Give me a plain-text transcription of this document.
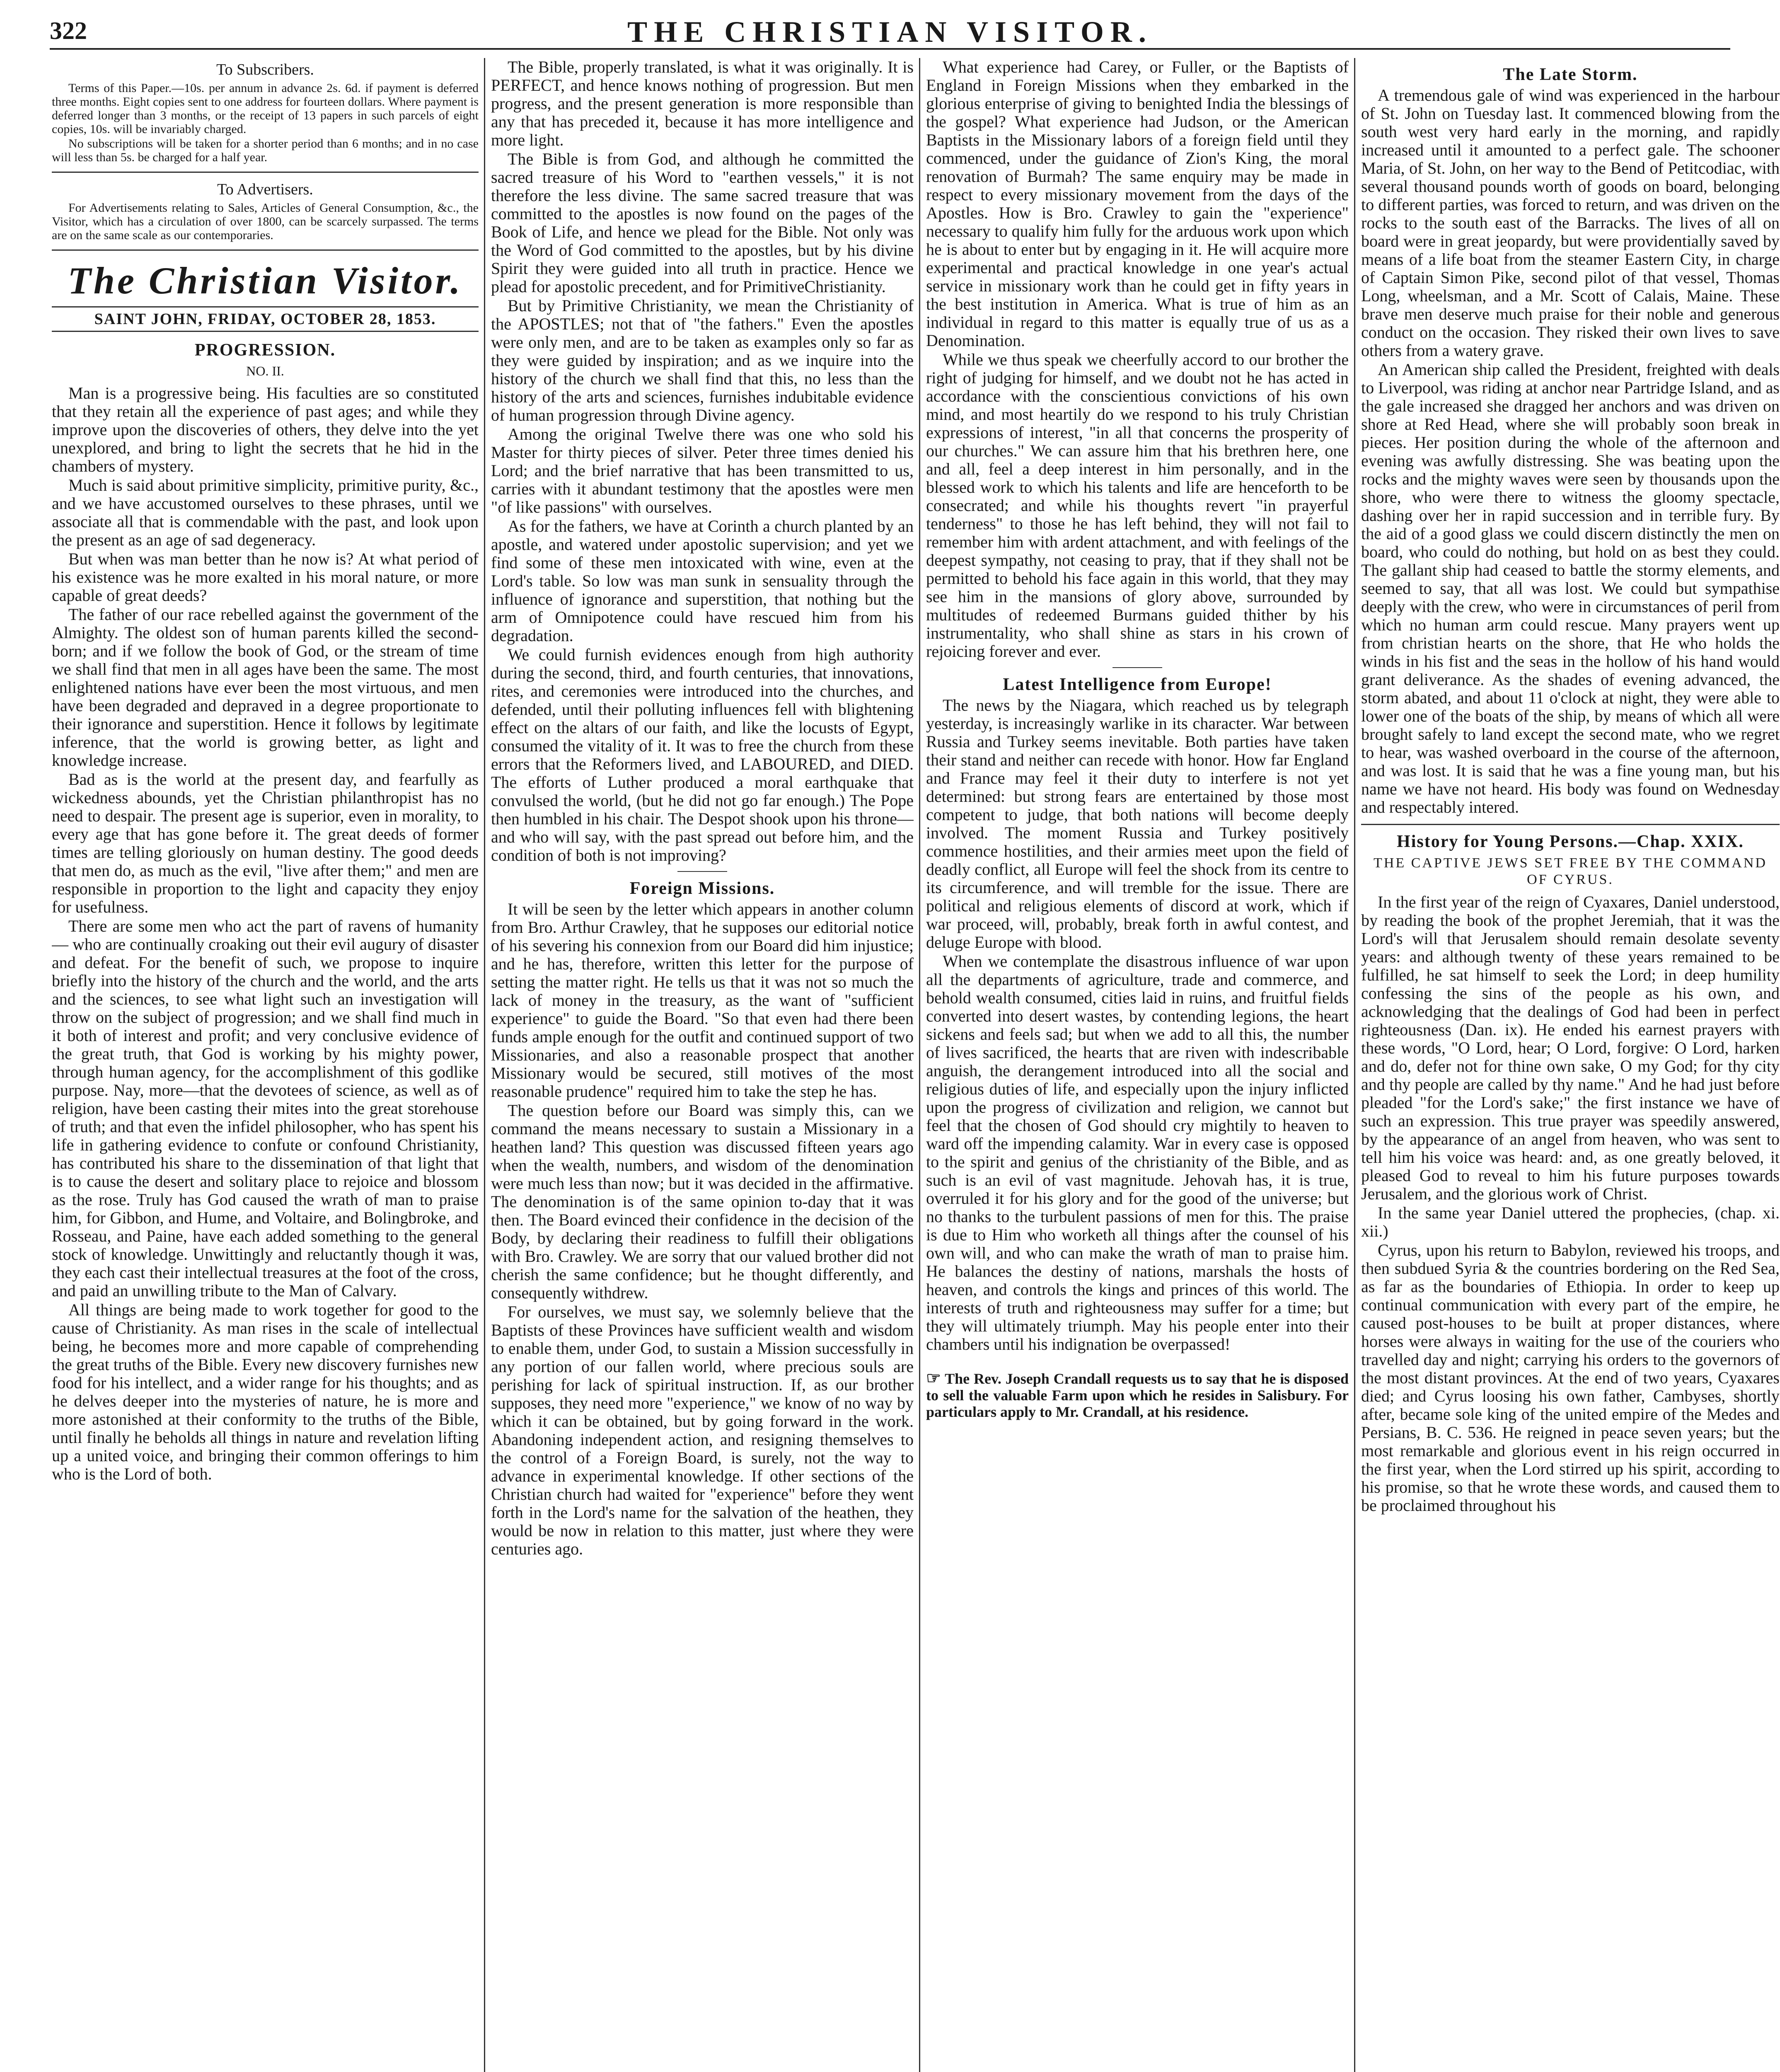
322	THE CHRISTIAN VISITOR.
To Subscribers.

Terms of this Paper.—10s. per annum in advance 2s. 6d. if payment is deferred three months. Eight copies sent to one address for fourteen dollars. Where payment is deferred longer than 3 months, or the receipt of 13 papers in such parcels of eight copies, 10s. will be invariably charged.

No subscriptions will be taken for a shorter period than 6 months; and in no case will less than 5s. be charged for a half year.

To Advertisers.

For Advertisements relating to Sales, Articles of General Consumption, &c., the Visitor, which has a circulation of over 1800, can be scarcely surpassed. The terms are on the same scale as our contemporaries.

The Christian Visitor.
SAINT JOHN, FRIDAY, OCTOBER 28, 1853.
PROGRESSION.
NO. II.

Man is a progressive being. His faculties are so constituted that they retain all the experience of past ages; and while they improve upon the discoveries of others, they delve into the yet unexplored, and bring to light the secrets that he hid in the chambers of mystery.

Much is said about primitive simplicity, primitive purity, &c., and we have accustomed ourselves to these phrases, until we associate all that is commendable with the past, and look upon the present as an age of sad degeneracy.

But when was man better than he now is? At what period of his existence was he more exalted in his moral nature, or more capable of great deeds?

The father of our race rebelled against the government of the Almighty. The oldest son of human parents killed the second-born; and if we follow the book of God, or the stream of time we shall find that men in all ages have been the same. The most enlightened nations have ever been the most virtuous, and men have been degraded and depraved in a degree proportionate to their ignorance and superstition. Hence it follows by legitimate inference, that the world is growing better, as light and knowledge increase.

Bad as is the world at the present day, and fearfully as wickedness abounds, yet the Christian philanthropist has no need to despair. The present age is superior, even in morality, to every age that has gone before it. The great deeds of former times are telling gloriously on human destiny. The good deeds that men do, as much as the evil, "live after them;" and men are responsible in proportion to the light and capacity they enjoy for usefulness.

There are some men who act the part of ravens of humanity — who are continually croaking out their evil augury of disaster and defeat. For the benefit of such, we propose to inquire briefly into the history of the church and the world, and the arts and the sciences, to see what light such an investigation will throw on the subject of progression; and we shall find much in it both of interest and profit; and very conclusive evidence of the great truth, that God is working by his mighty power, through human agency, for the accomplishment of this godlike purpose. Nay, more—that the devotees of science, as well as of religion, have been casting their mites into the great storehouse of truth; and that even the infidel philosopher, who has spent his life in gathering evidence to confute or confound Christianity, has contributed his share to the dissemination of that light that is to cause the desert and solitary place to rejoice and blossom as the rose. Truly has God caused the wrath of man to praise him, for Gibbon, and Hume, and Voltaire, and Bolingbroke, and Rosseau, and Paine, have each added something to the general stock of knowledge. Unwittingly and reluctantly though it was, they each cast their intellectual treasures at the foot of the cross, and paid an unwilling tribute to the Man of Calvary.

All things are being made to work together for good to the cause of Christianity. As man rises in the scale of intellectual being, he becomes more and more capable of comprehending the great truths of the Bible. Every new discovery furnishes new food for his intellect, and a wider range for his thoughts; and as he delves deeper into the mysteries of nature, he is more and more astonished at their conformity to the truths of the Bible, until finally he beholds all things in nature and revelation lifting up a united voice, and bringing their common offerings to him who is the Lord of both.

The Bible, properly translated, is what it was originally. It is PERFECT, and hence knows nothing of progression. But men progress, and the present generation is more responsible than any that has preceded it, because it has more intelligence and more light.

The Bible is from God, and although he committed the sacred treasure of his Word to "earthen vessels," it is not therefore the less divine. The same sacred treasure that was committed to the apostles is now found on the pages of the Book of Life, and hence we plead for the Bible. Not only was the Word of God committed to the apostles, but by his divine Spirit they were guided into all truth in practice. Hence we plead for apostolic precedent, and for PrimitiveChristianity.

But by Primitive Christianity, we mean the Christianity of the APOSTLES; not that of "the fathers." Even the apostles were only men, and are to be taken as examples only so far as they were guided by inspiration; and as we inquire into the history of the church we shall find that this, no less than the history of the arts and sciences, furnishes indubitable evidence of human progression through Divine agency.

Among the original Twelve there was one who sold his Master for thirty pieces of silver. Peter three times denied his Lord; and the brief narrative that has been transmitted to us, carries with it abundant testimony that the apostles were men "of like passions" with ourselves.

As for the fathers, we have at Corinth a church planted by an apostle, and watered under apostolic supervision; and yet we find some of these men intoxicated with wine, even at the Lord's table. So low was man sunk in sensuality through the influence of ignorance and superstition, that nothing but the arm of Omnipotence could have rescued him from his degradation.

We could furnish evidences enough from high authority during the second, third, and fourth centuries, that innovations, rites, and ceremonies were introduced into the churches, and defended, until their polluting influences fell with blightening effect on the altars of our faith, and like the locusts of Egypt, consumed the vitality of it. It was to free the church from these errors that the Reformers lived, and LABOURED, and DIED. The efforts of Luther produced a moral earthquake that convulsed the world, (but he did not go far enough.) The Pope then humbled in his chair. The Despot shook upon his throne—and who will say, with the past spread out before him, and the condition of both is not improving?

Foreign Missions.

It will be seen by the letter which appears in another column from Bro. Arthur Crawley, that he supposes our editorial notice of his severing his connexion from our Board did him injustice; and he has, therefore, written this letter for the purpose of setting the matter right. He tells us that it was not so much the lack of money in the treasury, as the want of "sufficient experience" to guide the Board. "So that even had there been funds ample enough for the outfit and continued support of two Missionaries, and also a reasonable prospect that another Missionary would be secured, still motives of the most reasonable prudence" required him to take the step he has.

The question before our Board was simply this, can we command the means necessary to sustain a Missionary in a heathen land? This question was discussed fifteen years ago when the wealth, numbers, and wisdom of the denomination were much less than now; but it was decided in the affirmative. The denomination is of the same opinion to-day that it was then. The Board evinced their confidence in the decision of the Body, by declaring their readiness to fulfill their obligations with Bro. Crawley. We are sorry that our valued brother did not cherish the same confidence; but he thought differently, and consequently withdrew.

For ourselves, we must say, we solemnly believe that the Baptists of these Provinces have sufficient wealth and wisdom to enable them, under God, to sustain a Mission successfully in any portion of our fallen world, where precious souls are perishing for lack of spiritual instruction. If, as our brother supposes, they need more "experience," we know of no way by which it can be obtained, but by going forward in the work. Abandoning independent action, and resigning themselves to the control of a Foreign Board, is surely, not the way to advance in experimental knowledge. If other sections of the Christian church had waited for "experience" before they went forth in the Lord's name for the salvation of the heathen, they would be now in relation to this matter, just where they were centuries ago.

What experience had Carey, or Fuller, or the Baptists of England in Foreign Missions when they embarked in the glorious enterprise of giving to benighted India the blessings of the gospel? What experience had Judson, or the American Baptists in the Missionary labors of a foreign field until they commenced, under the guidance of Zion's King, the moral renovation of Burmah? The same enquiry may be made in respect to every missionary movement from the days of the Apostles. How is Bro. Crawley to gain the "experience" necessary to qualify him fully for the arduous work upon which he is about to enter but by engaging in it. He will acquire more experimental and practical knowledge in one year's actual service in missionary work than he could get in fifty years in the best institution in America. What is true of him as an individual in regard to this matter is equally true of us as a Denomination.

While we thus speak we cheerfully accord to our brother the right of judging for himself, and we doubt not he has acted in accordance with the conscientious convictions of his own mind, and most heartily do we respond to his truly Christian expressions of interest, "in all that concerns the prosperity of our churches." We can assure him that his brethren here, one and all, feel a deep interest in him personally, and in the blessed work to which his talents and life are henceforth to be consecrated; and while his thoughts revert "in prayerful tenderness" to those he has left behind, they will not fail to remember him with ardent attachment, and with feelings of the deepest sympathy, not ceasing to pray, that if they shall not be permitted to behold his face again in this world, that they may see him in the mansions of glory above, surrounded by multitudes of redeemed Burmans guided thither by his instrumentality, who shall shine as stars in his crown of rejoicing forever and ever.

Latest Intelligence from Europe!

The news by the Niagara, which reached us by telegraph yesterday, is increasingly warlike in its character. War between Russia and Turkey seems inevitable. Both parties have taken their stand and neither can recede with honor. How far England and France may feel it their duty to interfere is not yet determined: but strong fears are entertained by those most competent to judge, that both nations will become deeply involved. The moment Russia and Turkey positively commence hostilities, and their armies meet upon the field of deadly conflict, all Europe will feel the shock from its centre to its circumference, and will tremble for the issue. There are political and religious elements of discord at work, which if war proceed, will, probably, break forth in awful contest, and deluge Europe with blood.

When we contemplate the disastrous influence of war upon all the departments of agriculture, trade and commerce, and behold wealth consumed, cities laid in ruins, and fruitful fields converted into desert wastes, by contending legions, the heart sickens and feels sad; but when we add to all this, the number of lives sacrificed, the hearts that are riven with indescribable anguish, the derangement introduced into all the social and religious duties of life, and especially upon the injury inflicted upon the progress of civilization and religion, we cannot but feel that the chosen of God should cry mightily to heaven to ward off the impending calamity. War in every case is opposed to the spirit and genius of the christianity of the Bible, and as such is an evil of vast magnitude. Jehovah has, it is true, overruled it for his glory and for the good of the universe; but no thanks to the turbulent passions of men for this. The praise is due to Him who worketh all things after the counsel of his own will, and who can make the wrath of man to praise him. He balances the destiny of nations, marshals the hosts of heaven, and controls the kings and princes of this world. The interests of truth and righteousness may suffer for a time; but they will ultimately triumph. May his people enter into their chambers until his indignation be overpassed!

☞ The Rev. Joseph Crandall requests us to say that he is disposed to sell the valuable Farm upon which he resides in Salisbury. For particulars apply to Mr. Crandall, at his residence.
The Late Storm.

A tremendous gale of wind was experienced in the harbour of St. John on Tuesday last. It commenced blowing from the south west very hard early in the morning, and rapidly increased until it amounted to a perfect gale. The schooner Maria, of St. John, on her way to the Bend of Petitcodiac, with several thousand pounds worth of goods on board, belonging to different parties, was forced to return, and was driven on the rocks to the south east of the Barracks. The lives of all on board were in great jeopardy, but were providentially saved by means of a life boat from the steamer Eastern City, in charge of Captain Simon Pike, second pilot of that vessel, Thomas Long, wheelsman, and a Mr. Scott of Calais, Maine. These brave men deserve much praise for their noble and generous conduct on the occasion. They risked their own lives to save others from a watery grave.

An American ship called the President, freighted with deals to Liverpool, was riding at anchor near Partridge Island, and as the gale increased she dragged her anchors and was driven on shore at Red Head, where she will probably soon break in pieces. Her position during the whole of the afternoon and evening was awfully distressing. She was beating upon the rocks and the mighty waves were seen by thousands upon the shore, who were there to witness the gloomy spectacle, dashing over her in rapid succession and in terrible fury. By the aid of a good glass we could discern distinctly the men on board, who could do nothing, but hold on as best they could. The gallant ship had ceased to battle the stormy elements, and seemed to say, that all was lost. We could but sympathise deeply with the crew, who were in circumstances of peril from which no human arm could rescue. Many prayers went up from christian hearts on the shore, that He who holds the winds in his fist and the seas in the hollow of his hand would grant deliverance. As the shades of evening advanced, the storm abated, and about 11 o'clock at night, they were able to lower one of the boats of the ship, by means of which all were brought safely to land except the second mate, who we regret to hear, was washed overboard in the course of the afternoon, and was lost. It is said that he was a fine young man, but his name we have not heard. His body was found on Wednesday and respectably intered.

History for Young Persons.—Chap. XXIX.
THE CAPTIVE JEWS SET FREE BY THE COMMAND OF CYRUS.

In the first year of the reign of Cyaxares, Daniel understood, by reading the book of the prophet Jeremiah, that it was the Lord's will that Jerusalem should remain desolate seventy years: and although twenty of these years remained to be fulfilled, he sat himself to seek the Lord; in deep humility confessing the sins of the people as his own, and acknowledging that the dealings of God had been in perfect righteousness (Dan. ix). He ended his earnest prayers with these words, "O Lord, hear; O Lord, forgive: O Lord, harken and do, defer not for thine own sake, O my God; for thy city and thy people are called by thy name." And he had just before pleaded "for the Lord's sake;" the first instance we have of such an expression. This true prayer was speedily answered, by the appearance of an angel from heaven, who was sent to tell him his voice was heard: and, as one greatly beloved, it pleased God to reveal to him his future purposes towards Jerusalem, and the glorious work of Christ.

In the same year Daniel uttered the prophecies, (chap. xi. xii.)

Cyrus, upon his return to Babylon, reviewed his troops, and then subdued Syria & the countries bordering on the Red Sea, as far as the boundaries of Ethiopia. In order to keep up continual communication with every part of the empire, he caused post-houses to be built at proper distances, where horses were always in waiting for the use of the couriers who travelled day and night; carrying his orders to the governors of the most distant provinces. At the end of two years, Cyaxares died; and Cyrus loosing his own father, Cambyses, shortly after, became sole king of the united empire of the Medes and Persians, B. C. 536. He reigned in peace seven years; but the most remarkable and glorious event in his reign occurred in the first year, when the Lord stirred up his spirit, according to his promise, so that he wrote these words, and caused them to be proclaimed throughout his
